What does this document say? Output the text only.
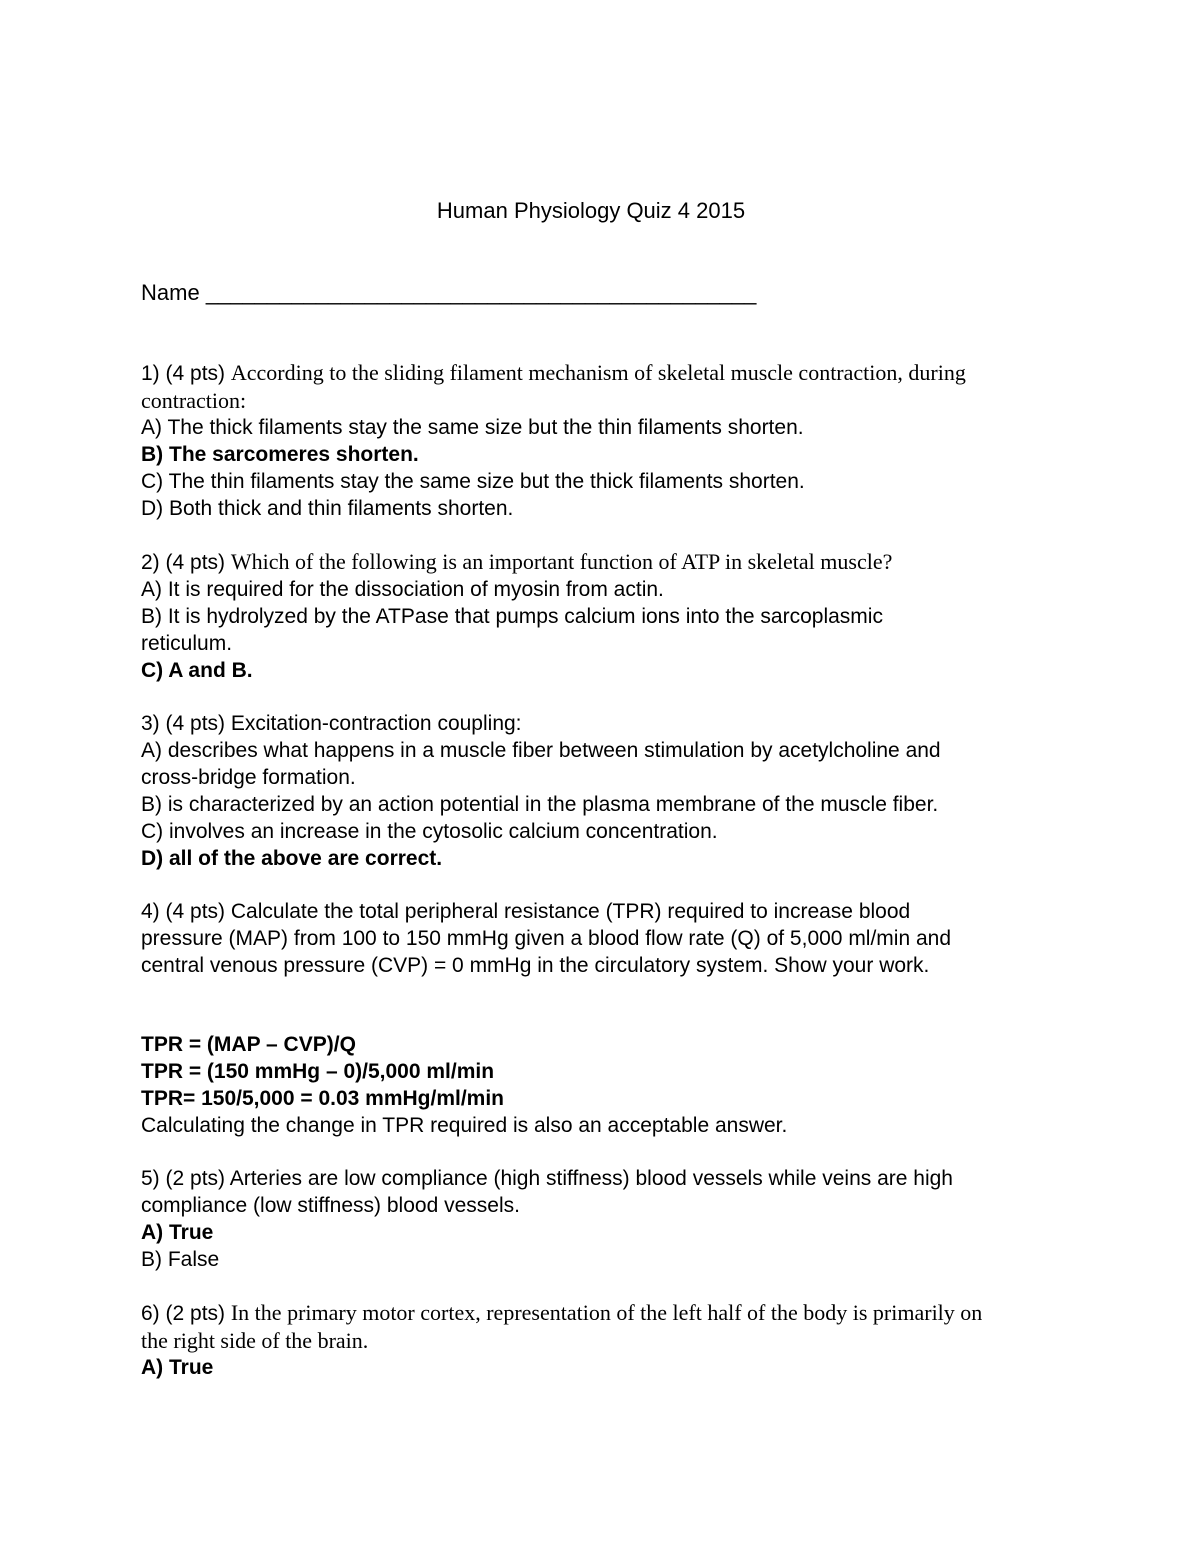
Human Physiology Quiz 4 2015
Name _____________________________________________
1) (4 pts) According to the sliding filament mechanism of skeletal muscle contraction, during
contraction:
A) The thick filaments stay the same size but the thin filaments shorten.
B) The sarcomeres shorten.
C) The thin filaments stay the same size but the thick filaments shorten.
D) Both thick and thin filaments shorten.
2) (4 pts) Which of the following is an important function of ATP in skeletal muscle?
A) It is required for the dissociation of myosin from actin.
B) It is hydrolyzed by the ATPase that pumps calcium ions into the sarcoplasmic
reticulum.
C) A and B.
3) (4 pts) Excitation-contraction coupling:
A) describes what happens in a muscle fiber between stimulation by acetylcholine and
cross-bridge formation.
B) is characterized by an action potential in the plasma membrane of the muscle fiber.
C) involves an increase in the cytosolic calcium concentration.
D) all of the above are correct.
4) (4 pts) Calculate the total peripheral resistance (TPR) required to increase blood
pressure (MAP) from 100 to 150 mmHg given a blood flow rate (Q) of 5,000 ml/min and
central venous pressure (CVP) = 0 mmHg in the circulatory system. Show your work.
TPR = (MAP – CVP)/Q
TPR = (150 mmHg – 0)/5,000 ml/min
TPR= 150/5,000 = 0.03 mmHg/ml/min
Calculating the change in TPR required is also an acceptable answer.
5) (2 pts) Arteries are low compliance (high stiffness) blood vessels while veins are high
compliance (low stiffness) blood vessels.
A) True
B) False
6) (2 pts) In the primary motor cortex, representation of the left half of the body is primarily on
the right side of the brain.
A) True
